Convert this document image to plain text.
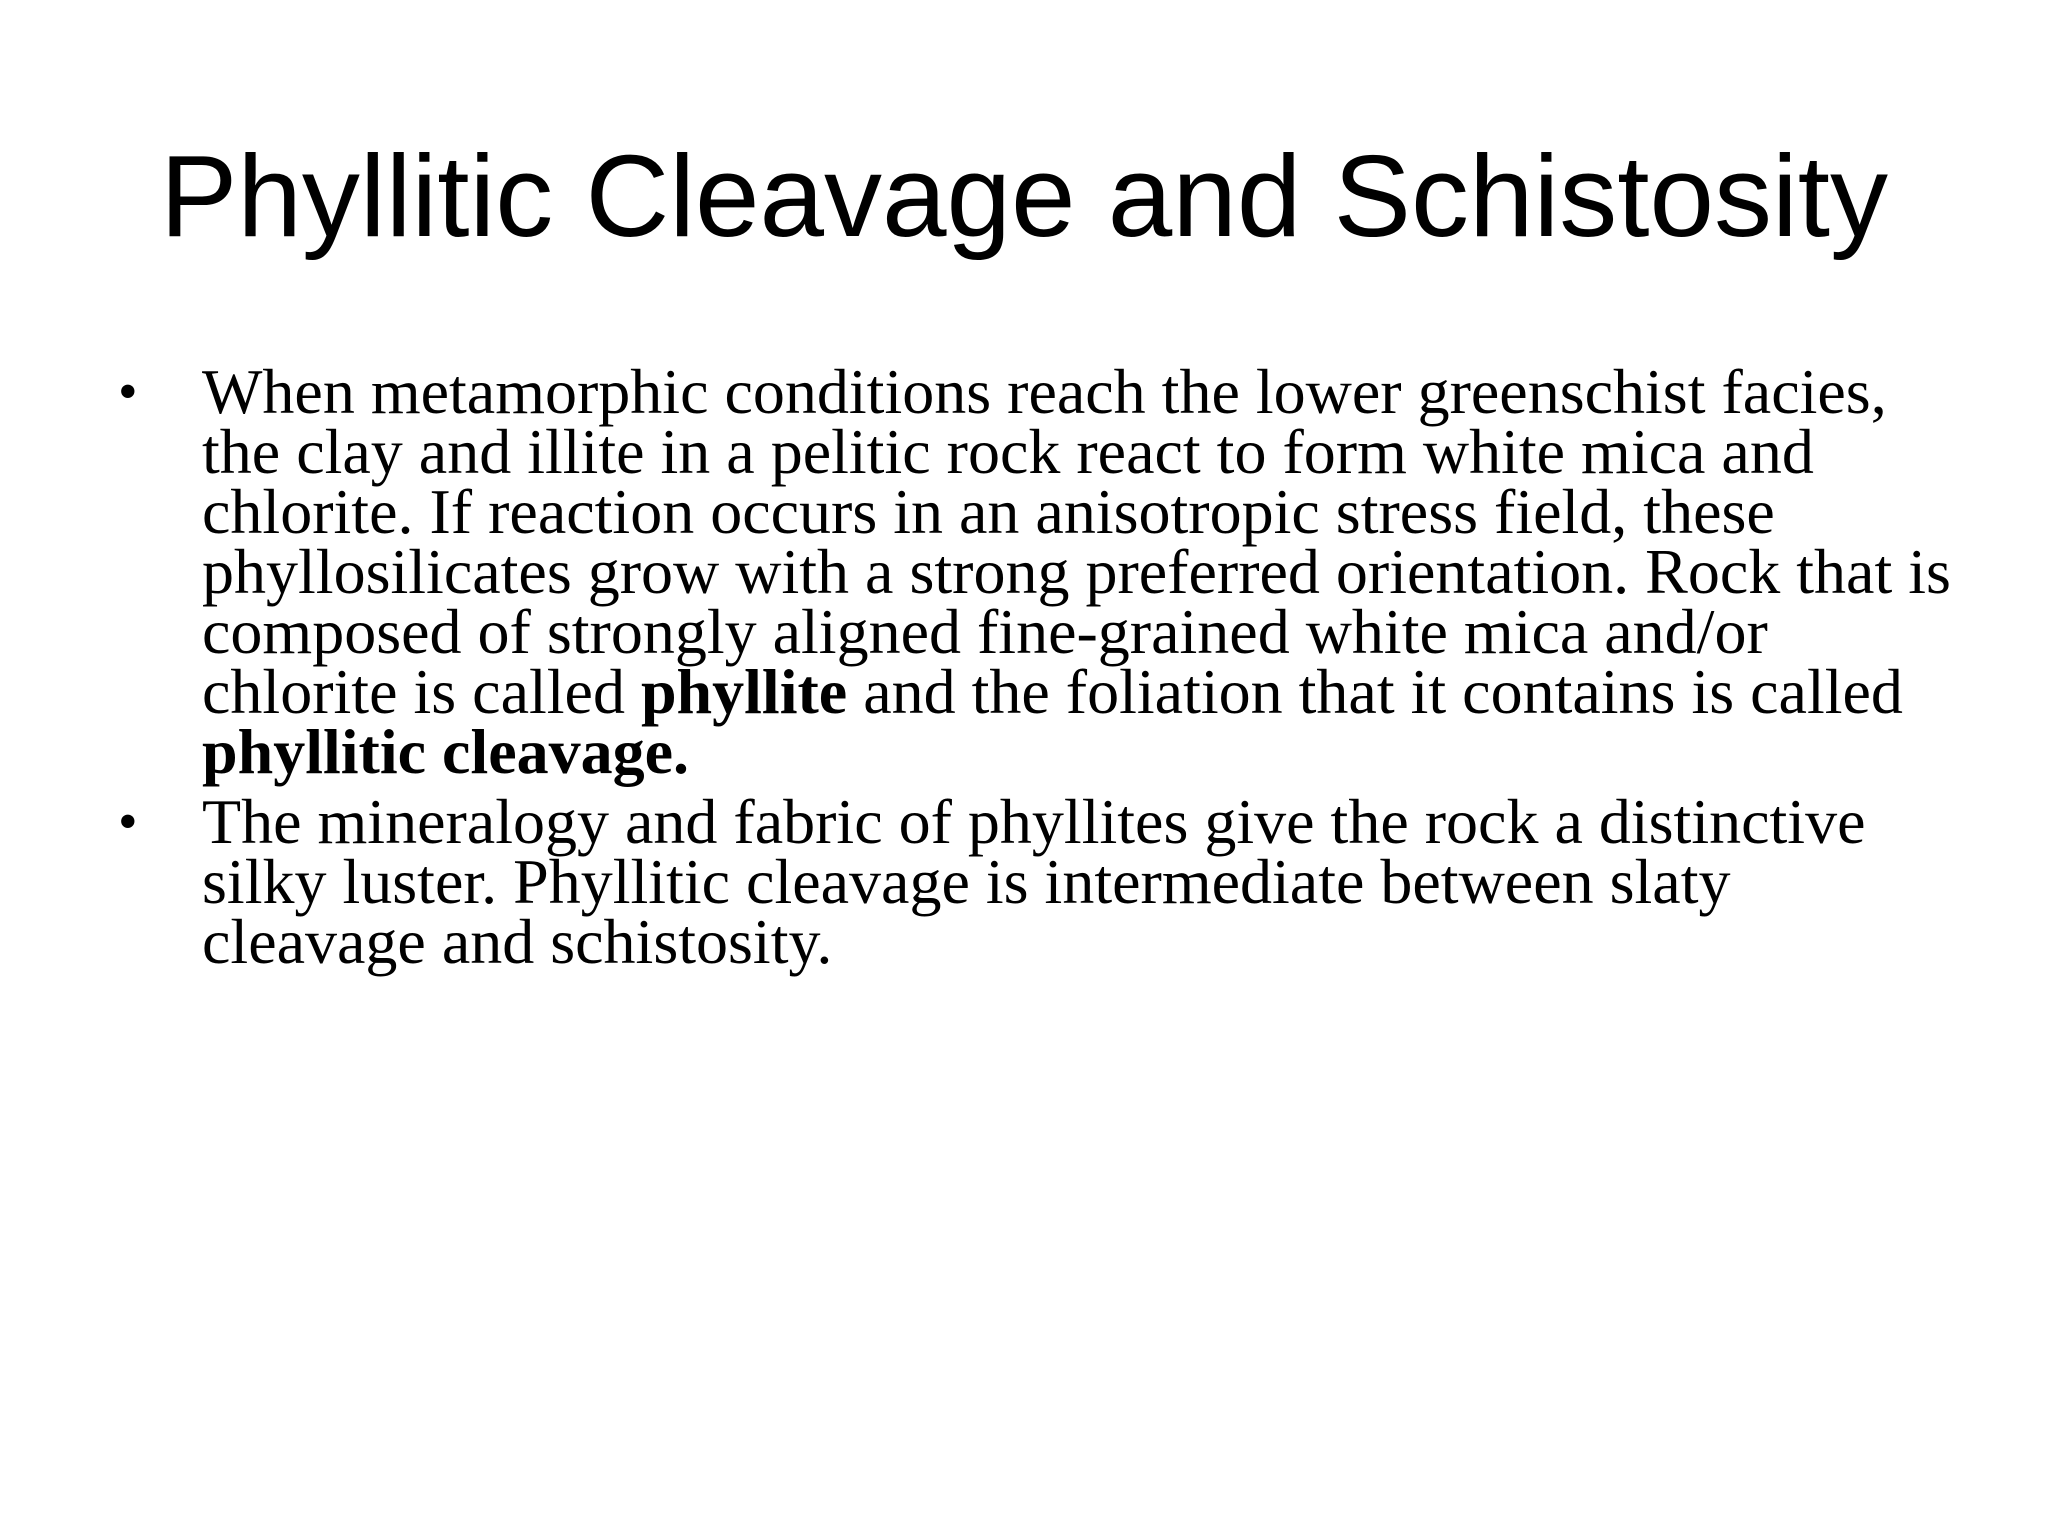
Phyllitic Cleavage and Schistosity
• When metamorphic conditions reach the lower greenschist facies,
the clay and illite in a pelitic rock react to form white mica and
chlorite. If reaction occurs in an anisotropic stress field, these
phyllosilicates grow with a strong preferred orientation. Rock that is
composed of strongly aligned fine-grained white mica and/or
chlorite is called phyllite and the foliation that it contains is called
phyllitic cleavage.
• The mineralogy and fabric of phyllites give the rock a distinctive
silky luster. Phyllitic cleavage is intermediate between slaty
cleavage and schistosity.
